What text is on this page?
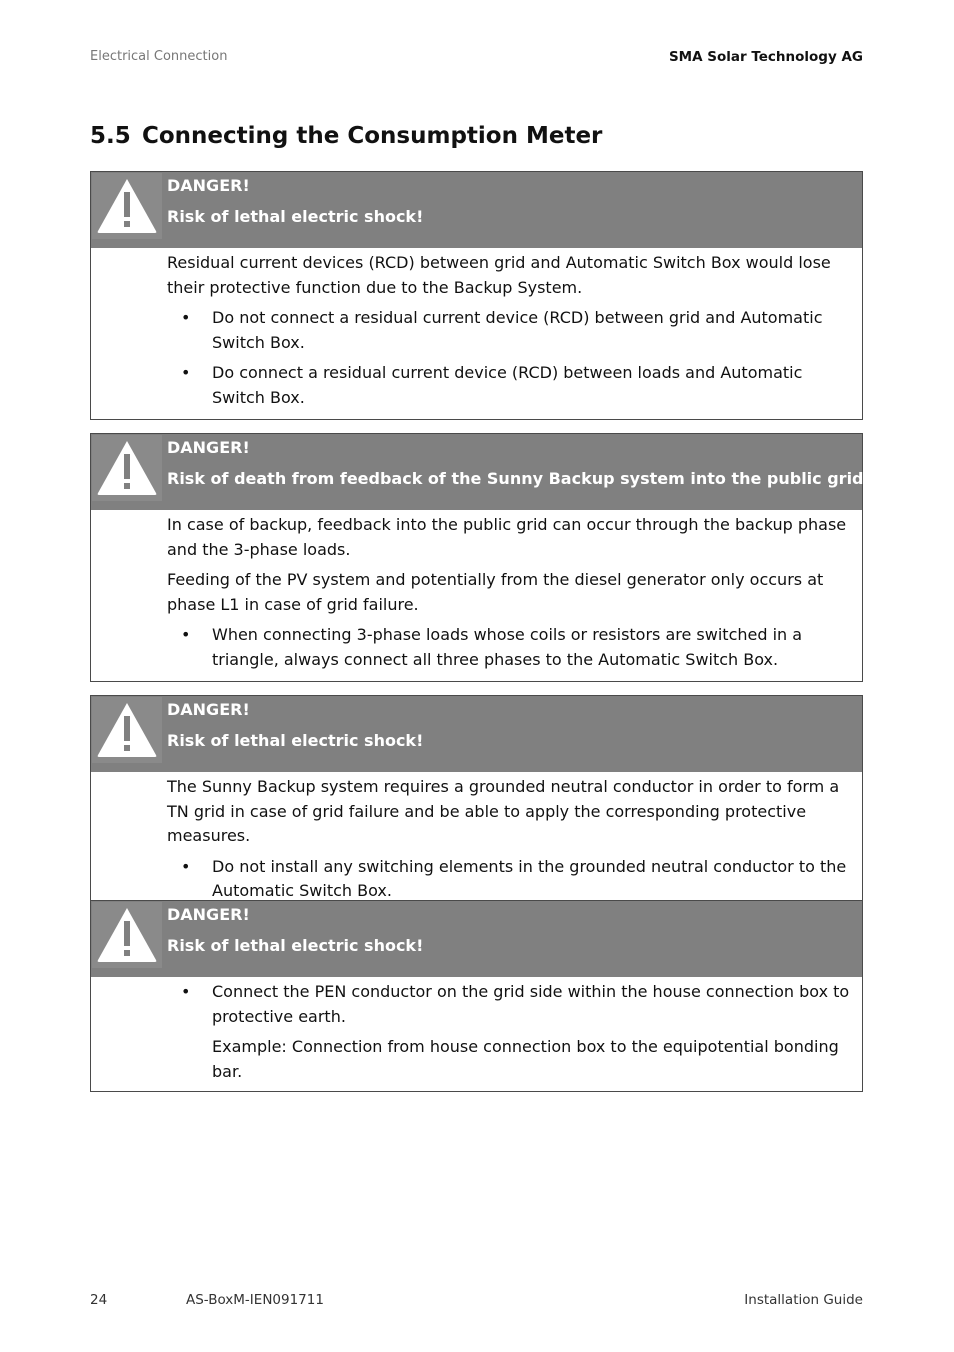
Electrical Connection	SMA Solar Technology AG
5.5 Connecting the Consumption Meter
DANGER!
Risk of lethal electric shock!

Residual current devices (RCD) between grid and Automatic Switch Box would lose their protective function due to the Backup System.

• Do not connect a residual current device (RCD) between grid and Automatic Switch Box.
• Do connect a residual current device (RCD) between loads and Automatic Switch Box.
DANGER!
Risk of death from feedback of the Sunny Backup system into the public grid.

In case of backup, feedback into the public grid can occur through the backup phase and the 3-phase loads.

Feeding of the PV system and potentially from the diesel generator only occurs at phase L1 in case of grid failure.

• When connecting 3-phase loads whose coils or resistors are switched in a triangle, always connect all three phases to the Automatic Switch Box.
DANGER!
Risk of lethal electric shock!

The Sunny Backup system requires a grounded neutral conductor in order to form a TN grid in case of grid failure and be able to apply the corresponding protective measures.

• Do not install any switching elements in the grounded neutral conductor to the Automatic Switch Box.
DANGER!
Risk of lethal electric shock!
• Connect the PEN conductor on the grid side within the house connection box to protective earth.

Example: Connection from house connection box to the equipotential bonding bar.

24	AS-BoxM-IEN091711	Installation Guide
